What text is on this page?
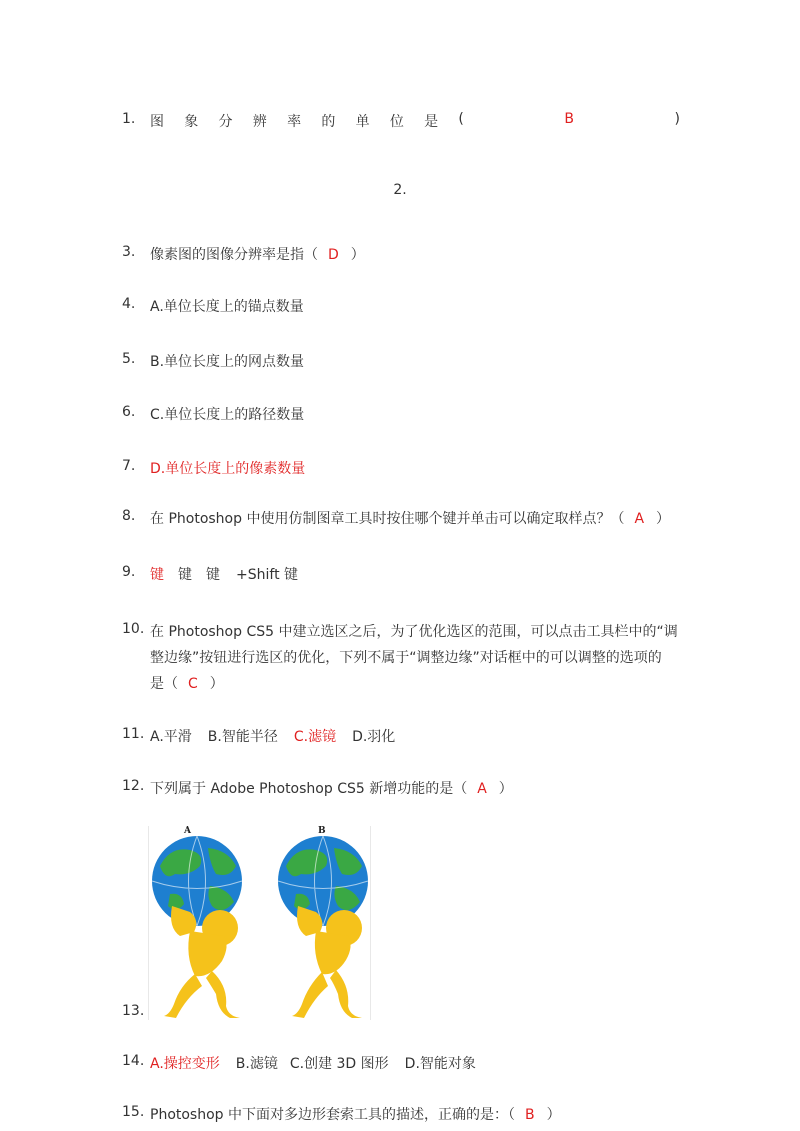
1. 图 象 分 辨 率 的 单 位 是 (	B	)
2.
3. 像素图的图像分辨率是指（ D ）
4. A.单位长度上的锚点数量
5. B.单位长度上的网点数量
6. C.单位长度上的路径数量
7. D.单位长度上的像素数量
8. 在 Photoshop 中使用仿制图章工具时按住哪个键并单击可以确定取样点？（ A ）
9. 键 键 键 +Shift 键
10. 在 Photoshop CS5 中建立选区之后，为了优化选区的范围，可以点击工具栏中的“调
整边缘”按钮进行选区的优化，下列不属于“调整边缘”对话框中的可以调整的选项的
是（ C ）
11. A.平滑 B.智能半径 C.滤镜 D.羽化
12. 下列属于 Adobe Photoshop CS5 新增功能的是（ A ）
13.
A	B
14. A.操控变形 B.滤镜 C.创建 3D 图形 D.智能对象
15. Photoshop 中下面对多边形套索工具的描述，正确的是：（ B ）
